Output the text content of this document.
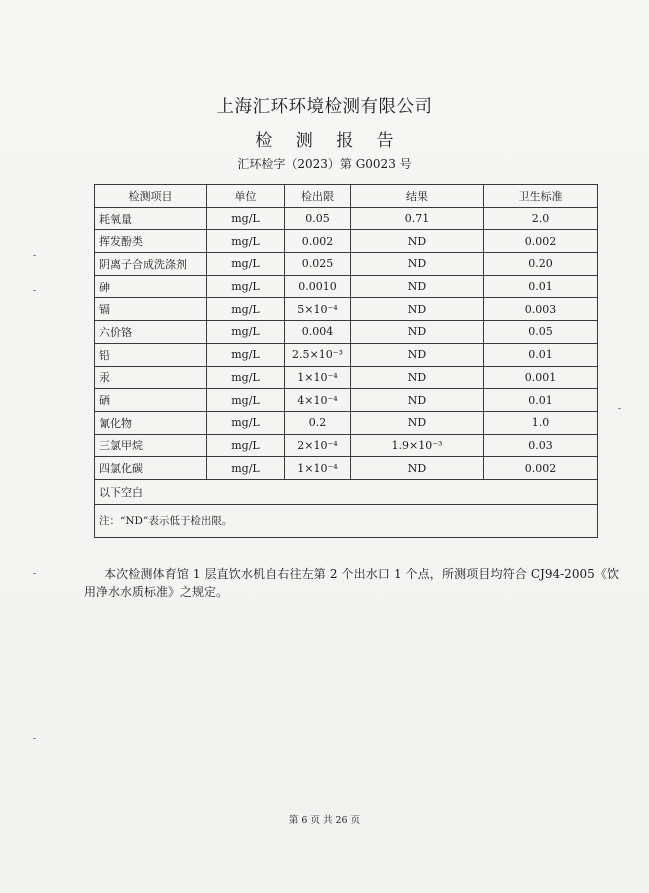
上海汇环环境检测有限公司
检 测 报 告
汇环检字（2023）第 G0023 号
检测项目	单位	检出限	结果	卫生标准
耗氧量	mg/L	0.05	0.71	2.0
挥发酚类	mg/L	0.002	ND	0.002
阴离子合成洗涤剂	mg/L	0.025	ND	0.20
砷	mg/L	0.0010	ND	0.01
镉	mg/L	5×10⁻⁴	ND	0.003
六价铬	mg/L	0.004	ND	0.05
铅	mg/L	2.5×10⁻³	ND	0.01
汞	mg/L	1×10⁻⁴	ND	0.001
硒	mg/L	4×10⁻⁴	ND	0.01
氰化物	mg/L	0.2	ND	1.0
三氯甲烷	mg/L	2×10⁻⁴	1.9×10⁻³	0.03
四氯化碳	mg/L	1×10⁻⁴	ND	0.002
以下空白				
注：“ND”表示低于检出限。				
本次检测体育馆 1 层直饮水机自右往左第 2 个出水口 1 个点，所测项目均符合 CJ94-2005《饮用净水水质标准》之规定。
第 6 页 共 26 页
